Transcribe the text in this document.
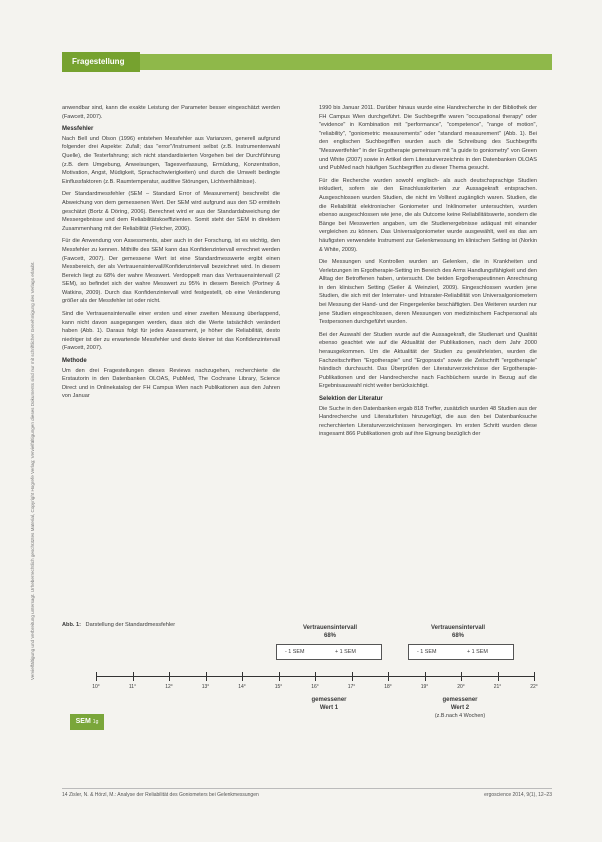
Fragestellung
Vervielfältigung und Verbreitung untersagt. Urheberrechtlich geschütztes Material, Copyright Hogrefe Verlag; Vervielfältigungen dieses Dokuments sind nur mit schriftlicher Genehmigung des Verlags erlaubt.

anwendbar sind, kann die exakte Leistung der Parameter besser eingeschätzt werden (Fawcett, 2007).

Messfehler

Nach Bell und Olson (1996) entstehen Messfehler aus Varianzen, generell aufgrund folgender drei Aspekte: Zufall; das "error"/Instrument selbst (z.B. Instrumentenwahl Quelle), die Testerfahrung; sich nicht standardisierten Vorgehen bei der Durchführung (z.B. dem Umgebung, Anweisungen, Tagesverfassung, Ermüdung, Konzentration, Motivation, Angst, Müdigkeit, Sprachschwierigkeiten) und durch die Umwelt bedingte Einflussfaktoren (z.B. Raumtemperatur, auditive Störungen, Lichtverhältnisse).

Der Standardmessfehler (SEM – Standard Error of Measurement) beschreibt die Abweichung von dem gemessenen Wert. Der SEM wird aufgrund aus den SD ermitteln geschätzt (Bortz & Döring, 2006). Berechnet wird er aus der Standardabweichung der Messergebnisse und dem Reliabilitätskoeffizienten. Somit steht der SEM in direktem Zusammenhang mit der Reliabilität (Fletcher, 2006).

Für die Anwendung von Assessments, aber auch in der Forschung, ist es wichtig, den Messfehler zu kennen. Mithilfe des SEM kann das Konfidenzintervall errechnet werden (Fawcett, 2007). Der gemessene Wert ist eine Standardmesswerte ergibt einen Messbereich, der als Vertrauensintervall/Konfidenzintervall bezeichnet wird. In diesem Bereich liegt zu 68% der wahre Messwert. Verdoppelt man das Vertrauensintervall (2 SEM), so befindet sich der wahre Messwert zu 95% in diesem Bereich (Portney & Watkins, 2009). Durch das Konfidenzintervall wird festgestellt, ob eine Veränderung größer als der Messfehler ist oder nicht.

Sind die Vertrauensintervalle einer ersten und einer zweiten Messung überlappend, kann nicht davon ausgegangen werden, dass sich die Werte tatsächlich verändert haben (Abb. 1). Daraus folgt für jedes Assessment, je höher die Reliabilität, desto niedriger ist der zu erwartende Messfehler und desto kleiner ist das Konfidenzintervall (Fawcett, 2007).

Methode

Um den drei Fragestellungen dieses Reviews nachzugehen, recherchierte die Erstautorin in den Datenbanken OLOAS, PubMed, The Cochrane Library, Science Direct und in Onlinekatalog der FH Campus Wien nach Publikationen aus den Jahren von Januar

1990 bis Januar 2011. Darüber hinaus wurde eine Handrecherche in der Bibliothek der FH Campus Wien durchgeführt. Die Suchbegriffe waren "occupational therapy" oder "evidence" in Kombination mit "performance", "competence", "range of motion", "reliability", "goniometric measurements" oder "standard measurement" (Abb. 1). Bei den englischen Suchbegriffen wurden auch die Schreibung des Suchbegriffs "Messwertfehler" in der Ergotherapie gemeinsam mit "a guide to goniometry" von Green und White (2007) sowie in Artikel dem Literaturverzeichnis in den Datenbanken OLOAS und PubMed nach häufigen Suchbegriffen zu dieser Thema gesucht.

Für die Recherche wurden sowohl englisch- als auch deutschsprachige Studien inkludiert, sofern sie den Einschlusskriterien zur Aussagekraft entsprachen. Ausgeschlossen wurden Studien, die nicht im Volltext zugänglich waren. Studien, die die Reliabilität elektronischer Goniometer und Inklinometer untersuchten, wurden ebenso ausgeschlossen wie jene, die als Outcome keine Reliabilitätswerte, sondern die Bänge bei Messwerten angaben, um die Studienergebnisse adäquat mit einander vergleichen zu können. Das Universalgoniometer wurde ausgewählt, weil es das am häufigsten verwendete Instrument zur Gelenkmessung im klinischen Setting ist (Norkin & White, 2009).

Die Messungen und Kontrollen wurden an Gelenken, die in Krankheiten und Verletzungen im Ergotherapie-Setting im Bereich des Arms Handlungsfähigkeit und den Alltag der Betroffenen haben, untersucht. Die beiden Ergotherapeutinnen Anrechnung in den klinischen Setting (Seiler & Weinzierl, 2009). Eingeschlossen wurden jene Studien, die sich mit der Interrater- und Intrarater-Reliabilität von Universalgoniometern bei Messung der Hand- und der Fingergelenke beschäftigten. Des Weiteren wurden nur jene Studien eingeschlossen, deren Messungen von medizinischem Fachpersonal als Testpersonen durchgeführt wurden.

Bei der Auswahl der Studien wurde auf die Aussagekraft, die Studienart und Qualität ebenso geachtet wie auf die Aktualität der Publikationen, nach dem Jahr 2000 herausgekommen. Um die Aktualität der Studien zu gewährleisten, wurden die Fachzeitschriften "Ergotherapie" und "Ergopraxis" sowie die Zeitschrift "ergotherapie" händisch durchsucht. Das Überprüfen der Literaturverzeichnisse der Ergotherapie-Publikationen und der Handrecherche nach Fachbüchern wurde in Bezug auf die Ergebnisauswahl nicht weiter berücksichtigt.

Selektion der Literatur

Die Suche in den Datenbanken ergab 818 Treffer, zusätzlich wurden 48 Studien aus der Handrecherche und Literaturlisten hinzugefügt, die aus den bei Datenbanksuche recherchierten Literaturverzeichnissen hervorgingen. Im ersten Schritt wurden diese insgesamt 866 Publikationen grob auf ihre Eignung bezüglich der

Abb. 1: Darstellung der Standardmessfehler	Vertrauensintervall
68%
Vertrauensintervall
68%
- 1 SEM	+ 1 SEM	- 1 SEM	+ 1 SEM
10°	11°	12°	13°	14°	15°	16°	17°	18°	19°	20°	21°	22°
gemessener
Wert 1
gemessener
Wert 2
(z.B.nach 4 Wochen)
SEM 1g
14 Zisler, N. & Hörzl, M.: Analyse der Reliabilität des Goniometers bei Gelenkmessungen	ergoscience 2014, 9(1), 12–23
